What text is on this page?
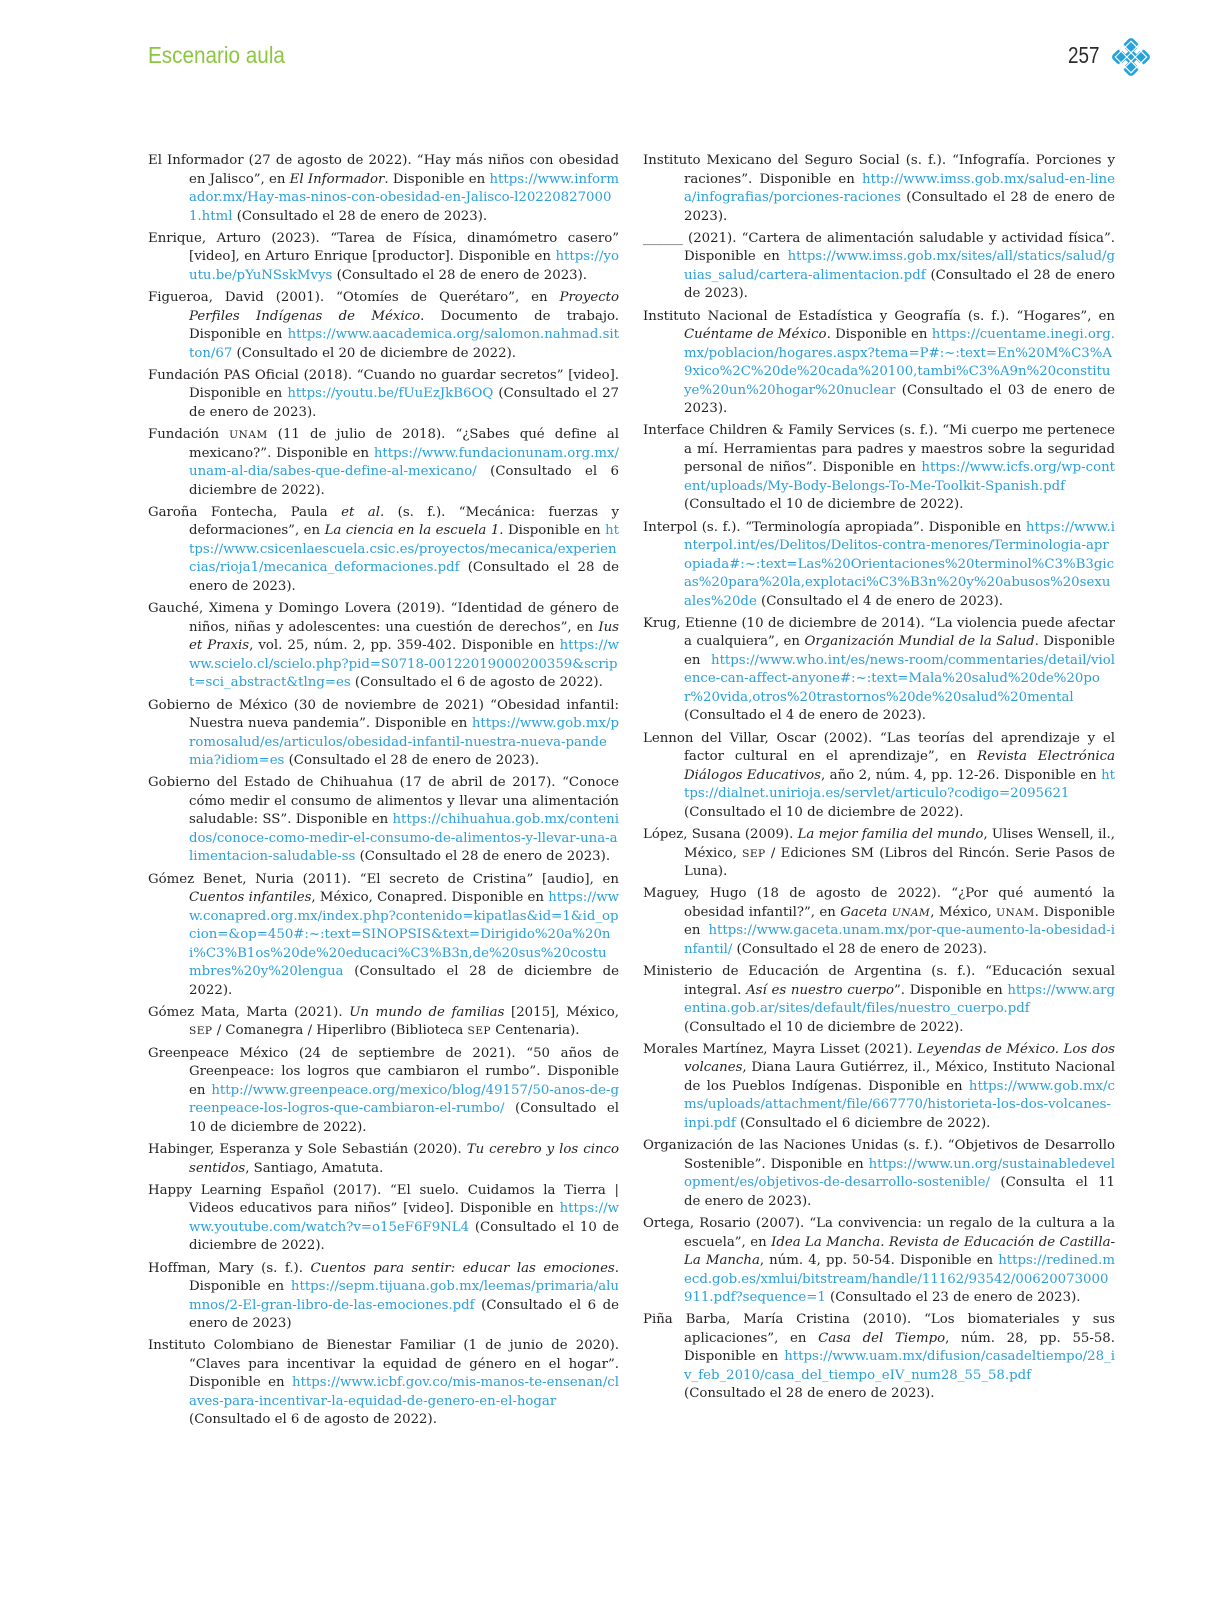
Escenario aula	257

El Informador (27 de agosto de 2022). “Hay más niños con obesidad en Jalisco”, en El Informador. Disponible en https://www.informador.mx/Hay-mas-ninos-con-obesidad-en-Jalisco-l202208270001.html (Consultado el 28 de enero de 2023).

Enrique, Arturo (2023). “Tarea de Física, dinamómetro casero” [video], en Arturo Enrique [productor]. Disponible en https://youtu.be/pYuNSskMvys (Consultado el 28 de enero de 2023).

Figueroa, David (2001). “Otomíes de Querétaro”, en Proyecto Perfiles Indígenas de México. Documento de trabajo. Disponible en https://www.aacademica.org/salomon.nahmad.sitton/67 (Consultado el 20 de diciembre de 2022).

Fundación PAS Oficial (2018). “Cuando no guardar secretos” [video]. Disponible en https://youtu.be/fUuEzJkB6OQ (Consultado el 27 de enero de 2023).

Fundación UNAM (11 de julio de 2018). “¿Sabes qué define al mexicano?”. Disponible en https://www.fundacionunam.org.mx/unam-al-dia/sabes-que-define-al-mexicano/ (Consultado el 6 diciembre de 2022).

Garoña Fontecha, Paula et al. (s. f.). “Mecánica: fuerzas y deformaciones”, en La ciencia en la escuela 1. Disponible en https://www.csicenlaescuela.csic.es/proyectos/mecanica/experiencias/rioja1/mecanica_deformaciones.pdf (Consultado el 28 de enero de 2023).

Gauché, Ximena y Domingo Lovera (2019). “Identidad de género de niños, niñas y adolescentes: una cuestión de derechos”, en Ius et Praxis, vol. 25, núm. 2, pp. 359-402. Disponible en https://www.scielo.cl/scielo.php?pid=S0718-00122019000200359&script=sci_abstract&tlng=es (Consultado el 6 de agosto de 2022).

Gobierno de México (30 de noviembre de 2021) “Obesidad infantil: Nuestra nueva pandemia”. Disponible en https://www.gob.mx/promosalud/es/articulos/obesidad-infantil-nuestra-nueva-pandemia?idiom=es (Consultado el 28 de enero de 2023).

Gobierno del Estado de Chihuahua (17 de abril de 2017). “Conoce cómo medir el consumo de alimentos y llevar una alimentación saludable: SS”. Disponible en https://chihuahua.gob.mx/contenidos/conoce-como-medir-el-consumo-de-alimentos-y-llevar-una-alimentacion-saludable-ss (Consultado el 28 de enero de 2023).

Gómez Benet, Nuria (2011). “El secreto de Cristina” [audio], en Cuentos infantiles, México, Conapred. Disponible en https://www.conapred.org.mx/index.php?contenido=kipatlas&id=1&id_opcion=&op=450#:~:text=SINOPSIS&text=Dirigido%20a%20ni%C3%B1os%20de%20educaci%C3%B3n,de%20sus%20costumbres%20y%20lengua (Consultado el 28 de diciembre de 2022).

Gómez Mata, Marta (2021). Un mundo de familias [2015], México, SEP / Comanegra / Hiperlibro (Biblioteca SEP Centenaria).

Greenpeace México (24 de septiembre de 2021). “50 años de Greenpeace: los logros que cambiaron el rumbo”. Disponible en http://www.greenpeace.org/mexico/blog/49157/50-anos-de-greenpeace-los-logros-que-cambiaron-el-rumbo/ (Consultado el 10 de diciembre de 2022).

Habinger, Esperanza y Sole Sebastián (2020). Tu cerebro y los cinco sentidos, Santiago, Amatuta.

Happy Learning Español (2017). “El suelo. Cuidamos la Tierra | Videos educativos para niños” [video]. Disponible en https://www.youtube.com/watch?v=o15eF6F9NL4 (Consultado el 10 de diciembre de 2022).

Hoffman, Mary (s. f.). Cuentos para sentir: educar las emociones. Disponible en https://sepm.tijuana.gob.mx/leemas/primaria/alumnos/2-El-gran-libro-de-las-emociones.pdf (Consultado el 6 de enero de 2023)

Instituto Colombiano de Bienestar Familiar (1 de junio de 2020). “Claves para incentivar la equidad de género en el hogar”. Disponible en https://www.icbf.gov.co/mis-manos-te-ensenan/claves-para-incentivar-la-equidad-de-genero-en-el-hogar (Consultado el 6 de agosto de 2022).

Instituto Mexicano del Seguro Social (s. f.). “Infografía. Porciones y raciones”. Disponible en http://www.imss.gob.mx/salud-en-linea/infografias/porciones-raciones (Consultado el 28 de enero de 2023).

______ (2021). “Cartera de alimentación saludable y actividad física”. Disponible en https://www.imss.gob.mx/sites/all/statics/salud/guias_salud/cartera-alimentacion.pdf (Consultado el 28 de enero de 2023).

Instituto Nacional de Estadística y Geografía (s. f.). “Hogares”, en Cuéntame de México. Disponible en https://cuentame.inegi.org.mx/poblacion/hogares.aspx?tema=P#:~:text=En%20M%C3%A9xico%2C%20de%20cada%20100,tambi%C3%A9n%20constituye%20un%20hogar%20nuclear (Consultado el 03 de enero de 2023).

Interface Children & Family Services (s. f.). “Mi cuerpo me pertenece a mí. Herramientas para padres y maestros sobre la seguridad personal de niños”. Disponible en https://www.icfs.org/wp-content/uploads/My-Body-Belongs-To-Me-Toolkit-Spanish.pdf (Consultado el 10 de diciembre de 2022).

Interpol (s. f.). “Terminología apropiada”. Disponible en https://www.interpol.int/es/Delitos/Delitos-contra-menores/Terminologia-apropiada#:~:text=Las%20Orientaciones%20terminol%C3%B3gicas%20para%20la,explotaci%C3%B3n%20y%20abusos%20sexuales%20de (Consultado el 4 de enero de 2023).

Krug, Etienne (10 de diciembre de 2014). “La violencia puede afectar a cualquiera”, en Organización Mundial de la Salud. Disponible en https://www.who.int/es/news-room/commentaries/detail/violence-can-affect-anyone#:~:text=Mala%20salud%20de%20por%20vida,otros%20trastornos%20de%20salud%20mental (Consultado el 4 de enero de 2023).

Lennon del Villar, Oscar (2002). “Las teorías del aprendizaje y el factor cultural en el aprendizaje”, en Revista Electrónica Diálogos Educativos, año 2, núm. 4, pp. 12-26. Disponible en https://dialnet.unirioja.es/servlet/articulo?codigo=2095621 (Consultado el 10 de diciembre de 2022).

López, Susana (2009). La mejor familia del mundo, Ulises Wensell, il., México, SEP / Ediciones SM (Libros del Rincón. Serie Pasos de Luna).

Maguey, Hugo (18 de agosto de 2022). “¿Por qué aumentó la obesidad infantil?”, en Gaceta UNAM, México, UNAM. Disponible en https://www.gaceta.unam.mx/por-que-aumento-la-obesidad-infantil/ (Consultado el 28 de enero de 2023).

Ministerio de Educación de Argentina (s. f.). “Educación sexual integral. Así es nuestro cuerpo”. Disponible en https://www.argentina.gob.ar/sites/default/files/nuestro_cuerpo.pdf (Consultado el 10 de diciembre de 2022).

Morales Martínez, Mayra Lisset (2021). Leyendas de México. Los dos volcanes, Diana Laura Gutiérrez, il., México, Instituto Nacional de los Pueblos Indígenas. Disponible en https://www.gob.mx/cms/uploads/attachment/file/667770/historieta-los-dos-volcanes-inpi.pdf (Consultado el 6 diciembre de 2022).

Organización de las Naciones Unidas (s. f.). “Objetivos de Desarrollo Sostenible”. Disponible en https://www.un.org/sustainabledevelopment/es/objetivos-de-desarrollo-sostenible/ (Consulta el 11 de enero de 2023).

Ortega, Rosario (2007). “La convivencia: un regalo de la cultura a la escuela”, en Idea La Mancha. Revista de Educación de Castilla-La Mancha, núm. 4, pp. 50-54. Disponible en https://redined.mecd.gob.es/xmlui/bitstream/handle/11162/93542/00620073000911.pdf?sequence=1 (Consultado el 23 de enero de 2023).

Piña Barba, María Cristina (2010). “Los biomateriales y sus aplicaciones”, en Casa del Tiempo, núm. 28, pp. 55-58. Disponible en https://www.uam.mx/difusion/casadeltiempo/28_iv_feb_2010/casa_del_tiempo_eIV_num28_55_58.pdf (Consultado el 28 de enero de 2023).
